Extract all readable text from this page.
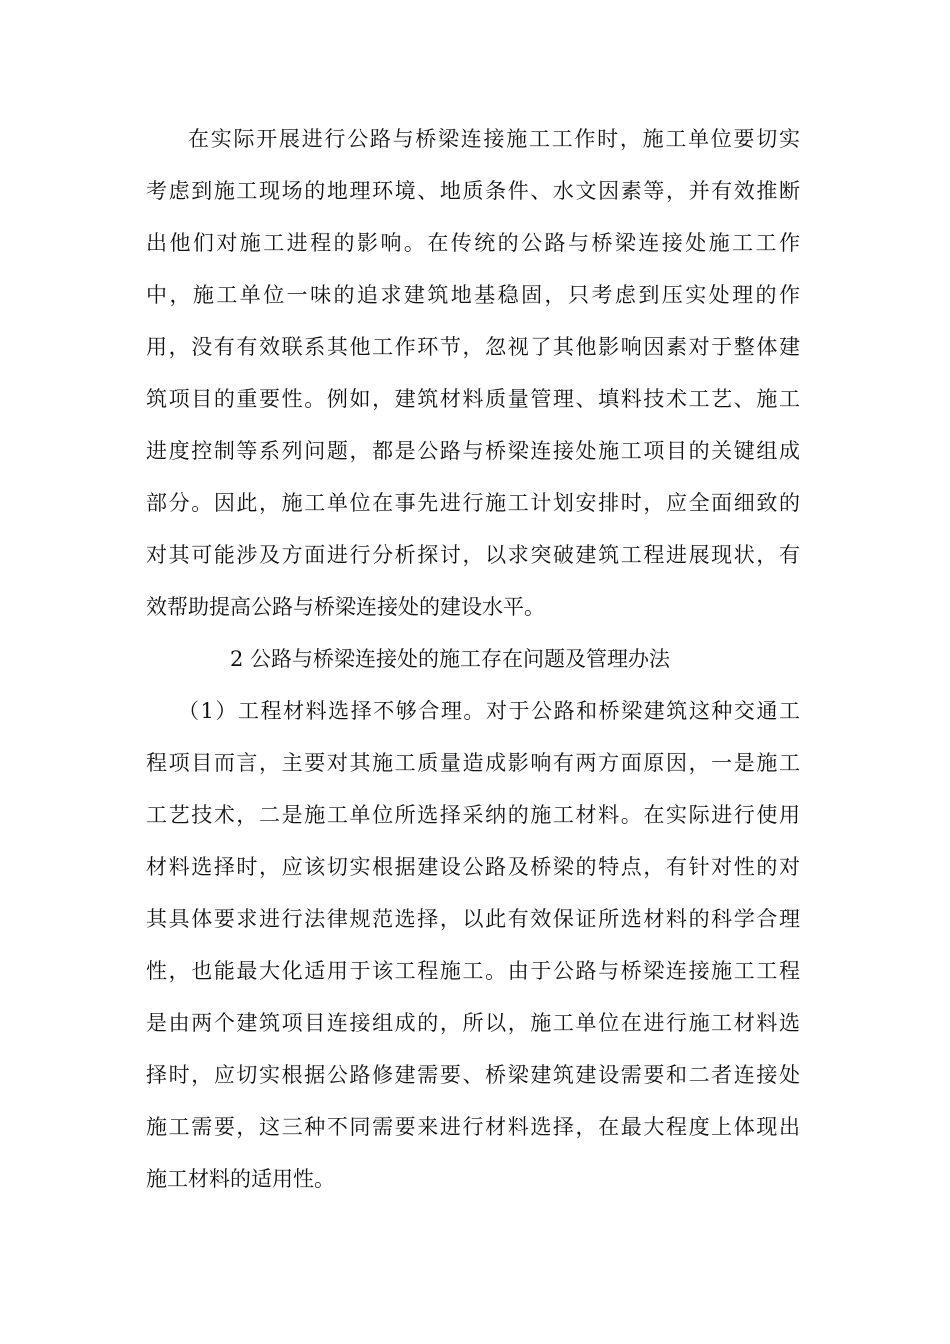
在实际开展进行公路与桥梁连接施工工作时，施工单位要切实
考虑到施工现场的地理环境、地质条件、水文因素等，并有效推断
出他们对施工进程的影响。在传统的公路与桥梁连接处施工工作
中，施工单位一味的追求建筑地基稳固，只考虑到压实处理的作
用，没有有效联系其他工作环节，忽视了其他影响因素对于整体建
筑项目的重要性。例如，建筑材料质量管理、填料技术工艺、施工
进度控制等系列问题，都是公路与桥梁连接处施工项目的关键组成
部分。因此，施工单位在事先进行施工计划安排时，应全面细致的
对其可能涉及方面进行分析探讨，以求突破建筑工程进展现状，有
效帮助提高公路与桥梁连接处的建设水平。
2 公路与桥梁连接处的施工存在问题及管理办法
（1）工程材料选择不够合理。对于公路和桥梁建筑这种交通工
程项目而言，主要对其施工质量造成影响有两方面原因，一是施工
工艺技术，二是施工单位所选择采纳的施工材料。在实际进行使用
材料选择时，应该切实根据建设公路及桥梁的特点，有针对性的对
其具体要求进行法律规范选择，以此有效保证所选材料的科学合理
性，也能最大化适用于该工程施工。由于公路与桥梁连接施工工程
是由两个建筑项目连接组成的，所以，施工单位在进行施工材料选
择时，应切实根据公路修建需要、桥梁建筑建设需要和二者连接处
施工需要，这三种不同需要来进行材料选择，在最大程度上体现出
施工材料的适用性。
